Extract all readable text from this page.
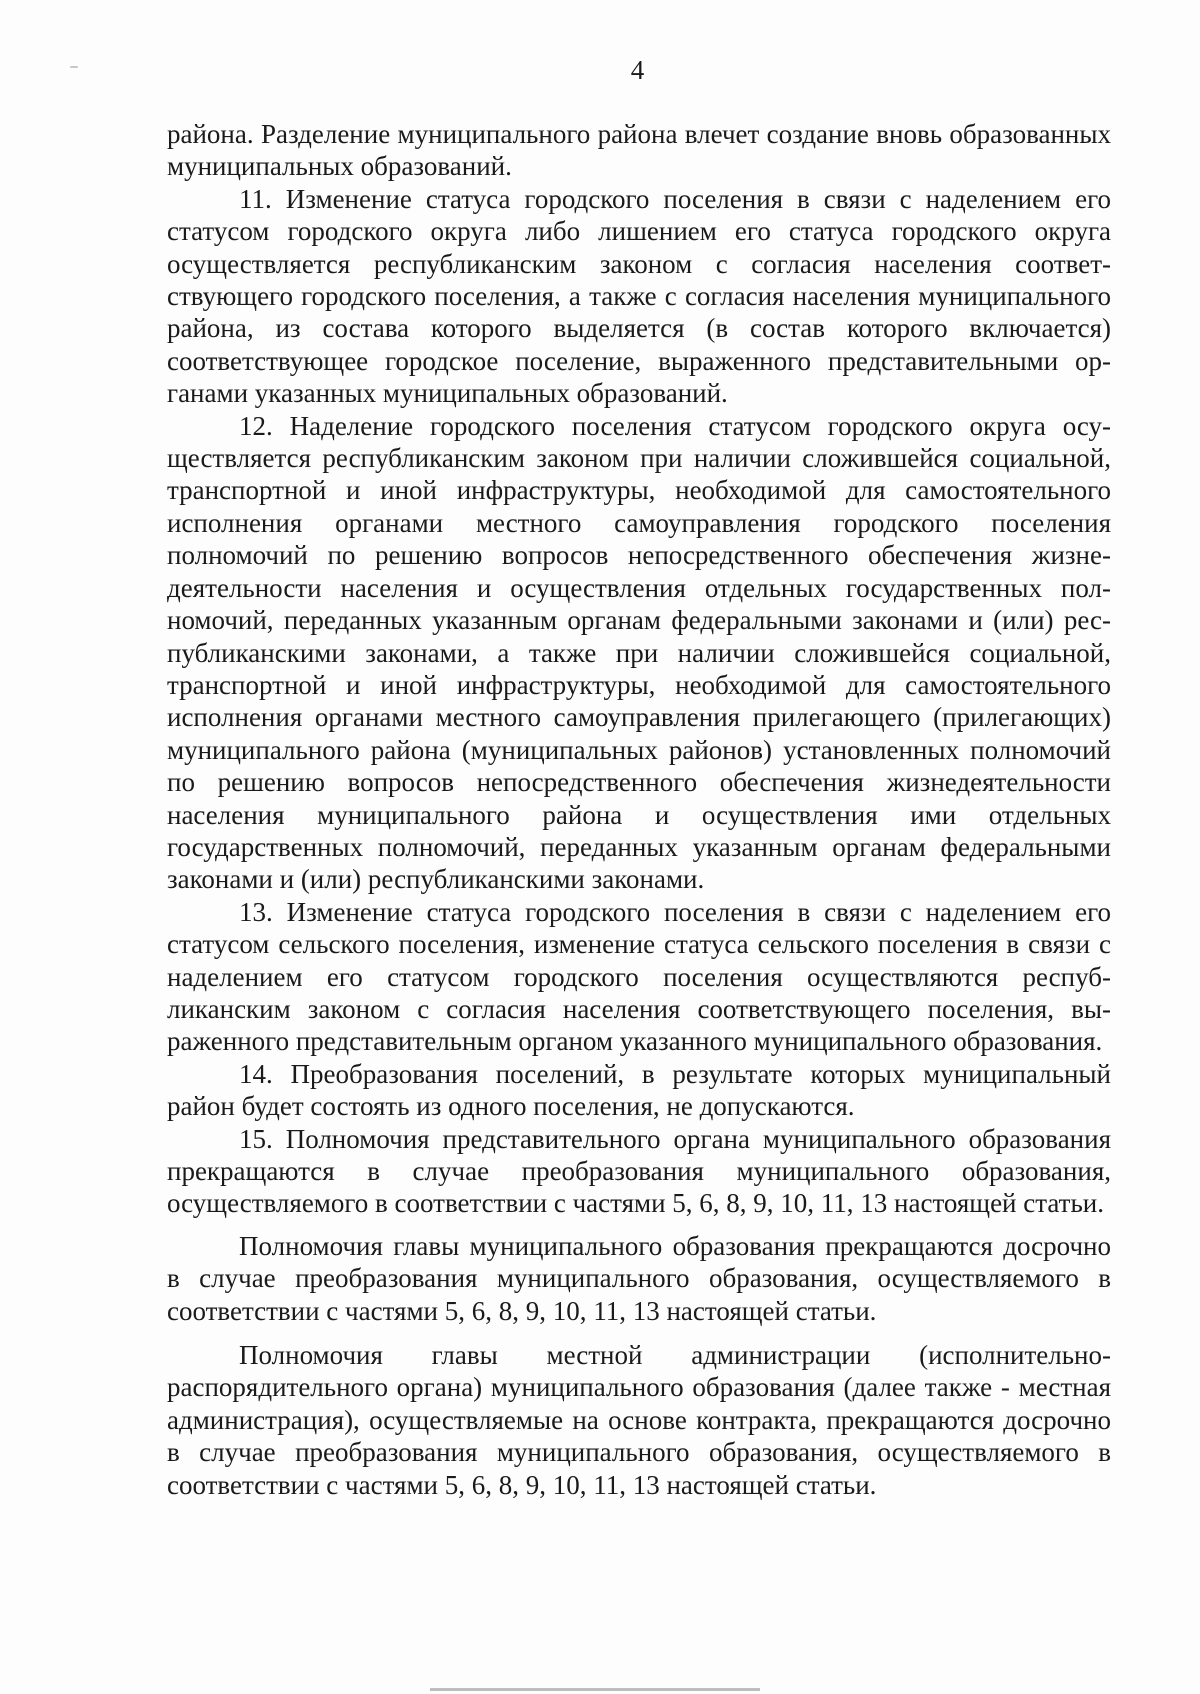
4

района. Разделение муниципального района влечет создание вновь образованных муниципальных образований.

11. Изменение статуса городского поселения в связи с наделением его статусом городского округа либо лишением его статуса городского округа осуществляется республиканским законом с согласия населения соответствующего городского поселения, а также с согласия населения муниципального района, из состава которого выделяется (в состав которого включается) соответствующее городское поселение, выраженного представительными органами указанных муниципальных образований.

12. Наделение городского поселения статусом городского округа осуществляется республиканским законом при наличии сложившейся социальной, транспортной и иной инфраструктуры, необходимой для самостоятельного исполнения органами местного самоуправления городского поселения полномочий по решению вопросов непосредственного обеспечения жизнедеятельности населения и осуществления отдельных государственных полномочий, переданных указанным органам федеральными законами и (или) республиканскими законами, а также при наличии сложившейся социальной, транспортной и иной инфраструктуры, необходимой для самостоятельного исполнения органами местного самоуправления прилегающего (прилегающих) муниципального района (муниципальных районов) установленных полномочий по решению вопросов непосредственного обеспечения жизнедеятельности населения муниципального района и осуществления ими отдельных государственных полномочий, переданных указанным органам федеральными законами и (или) республиканскими законами.

13. Изменение статуса городского поселения в связи с наделением его статусом сельского поселения, изменение статуса сельского поселения в связи с наделением его статусом городского поселения осуществляются республиканским законом с согласия населения соответствующего поселения, выраженного представительным органом указанного муниципального образования.

14. Преобразования поселений, в результате которых муниципальный район будет состоять из одного поселения, не допускаются.

15. Полномочия представительного органа муниципального образования прекращаются в случае преобразования муниципального образования, осуществляемого в соответствии с частями 5, 6, 8, 9, 10, 11, 13 настоящей статьи.

Полномочия главы муниципального образования прекращаются досрочно в случае преобразования муниципального образования, осуществляемого в соответствии с частями 5, 6, 8, 9, 10, 11, 13 настоящей статьи.

Полномочия главы местной администрации (исполнительно-распорядительного органа) муниципального образования (далее также - местная администрация), осуществляемые на основе контракта, прекращаются досрочно в случае преобразования муниципального образования, осуществляемого в соответствии с частями 5, 6, 8, 9, 10, 11, 13 настоящей статьи.
